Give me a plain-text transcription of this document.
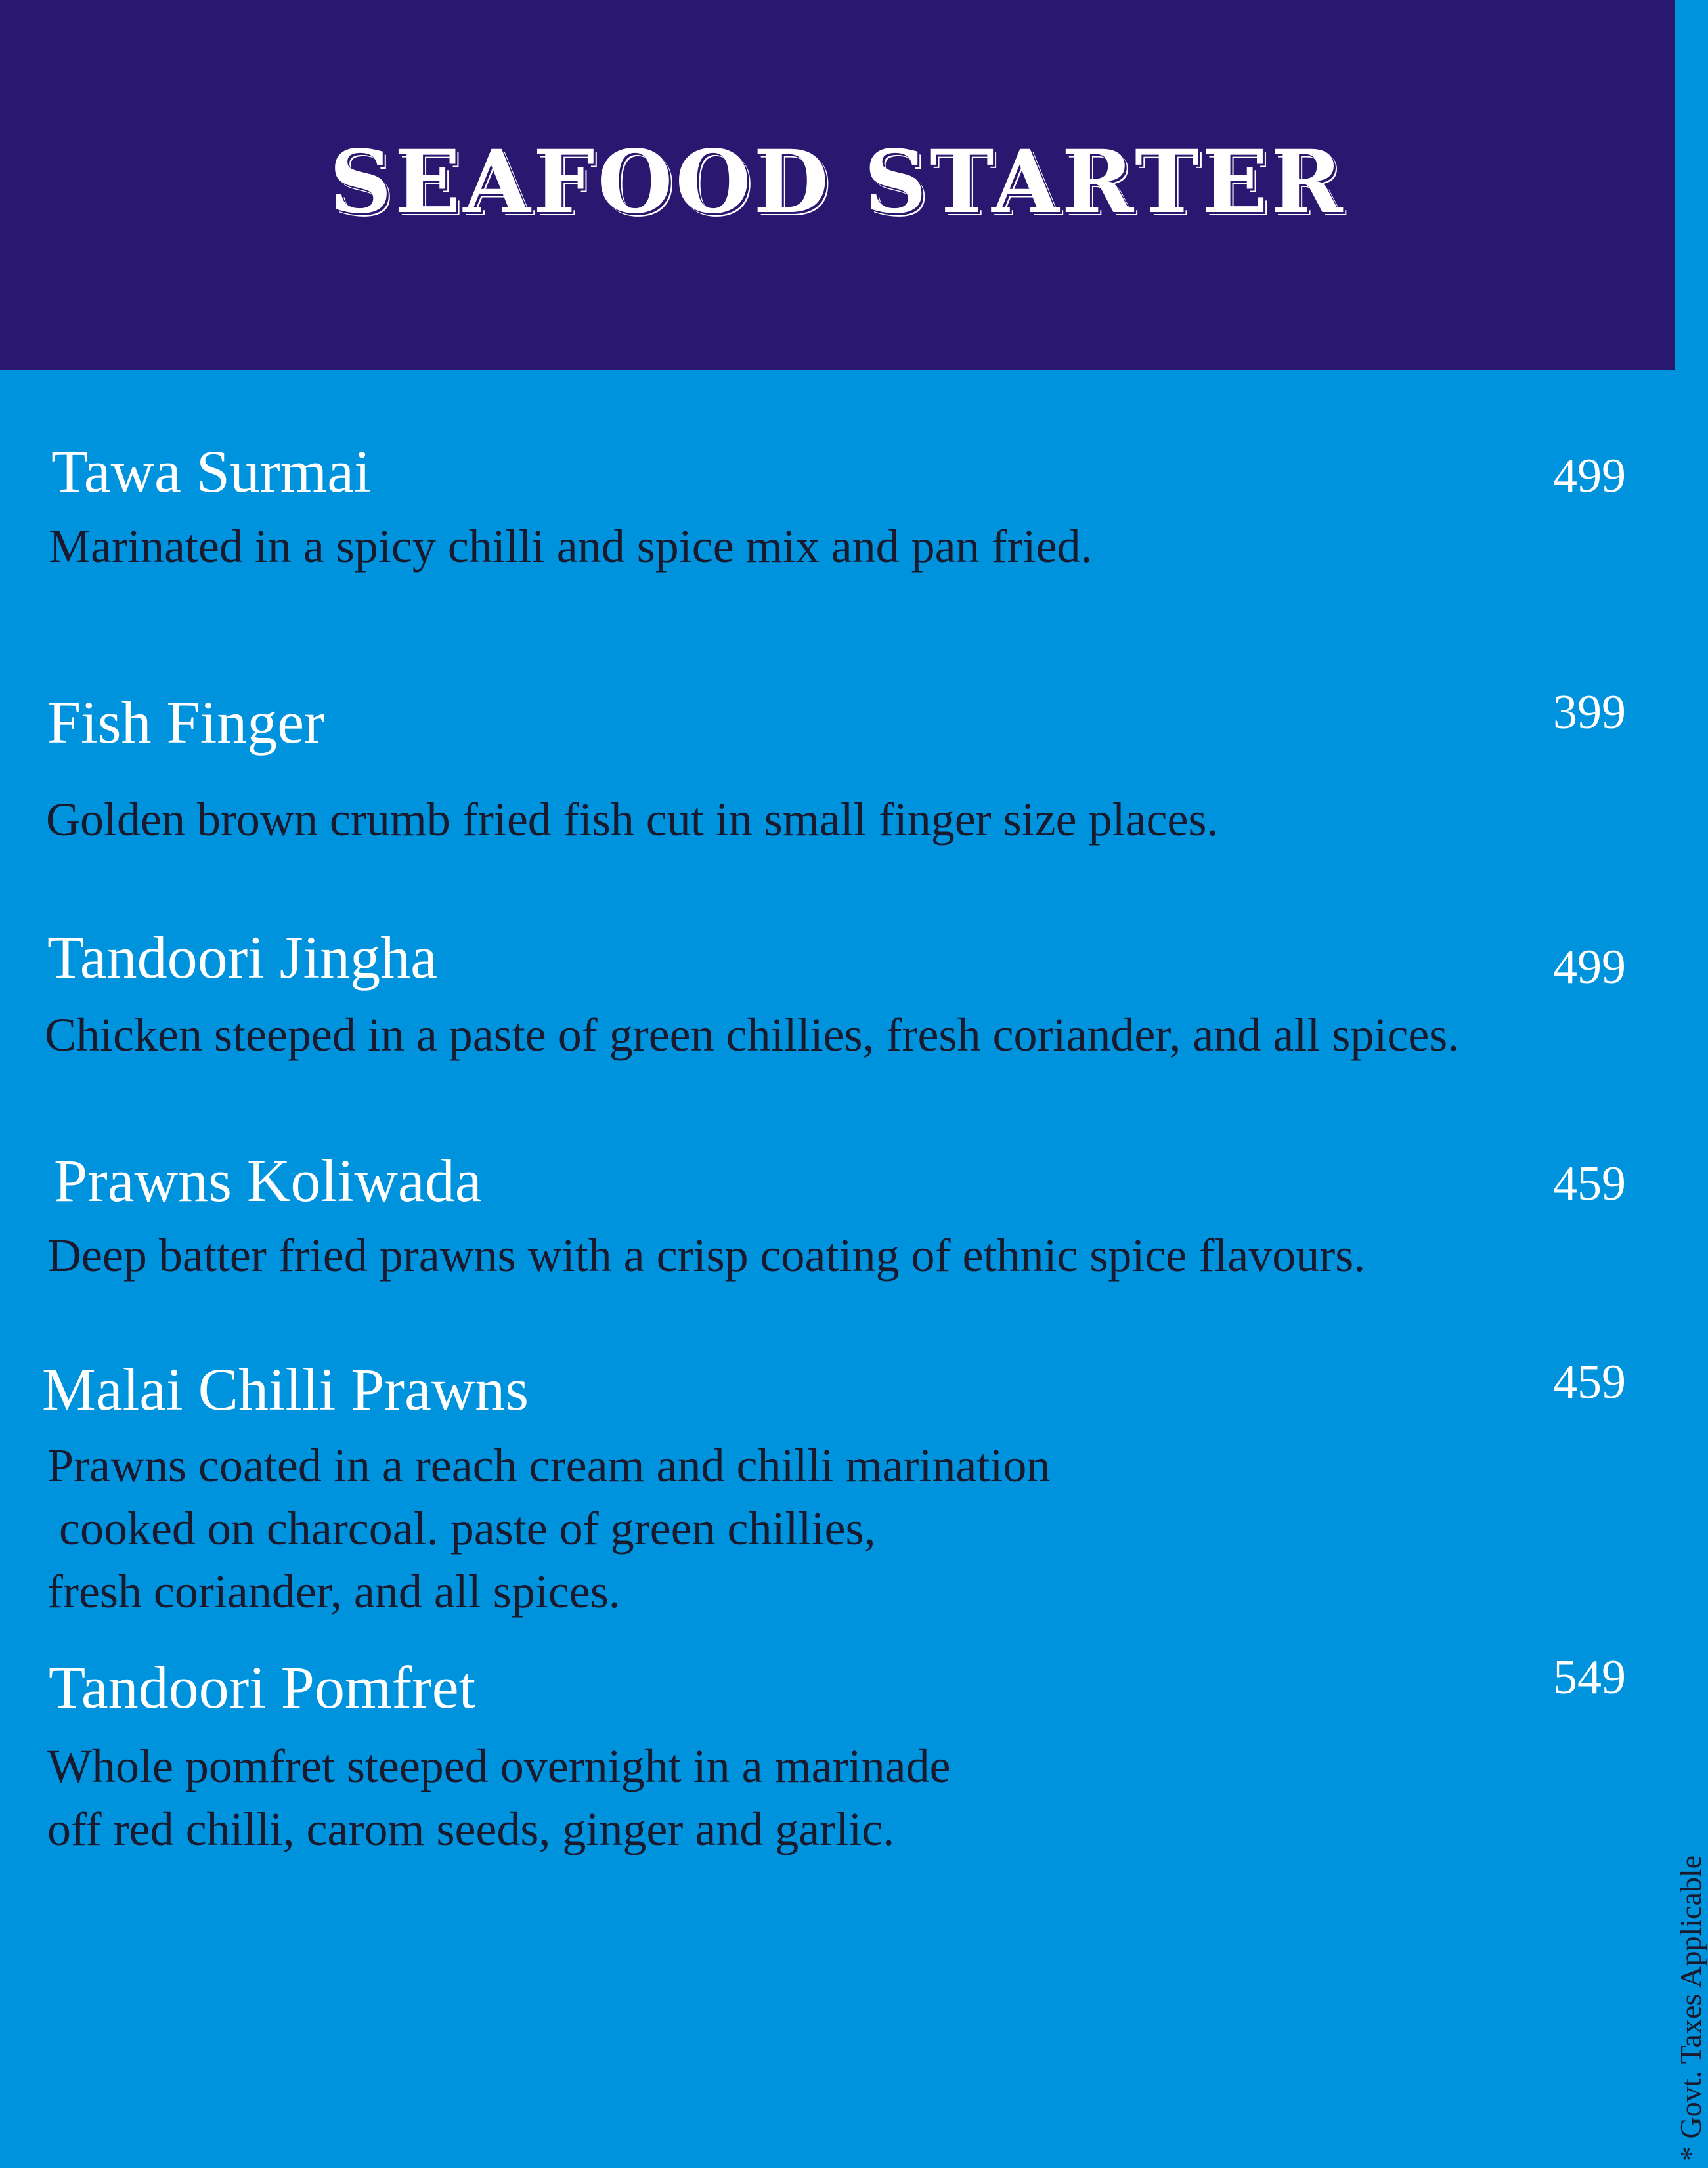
SEAFOOD STARTER
Tawa Surmai	499
Marinated in a spicy chilli and spice mix and pan fried.
Fish Finger	399
Golden brown crumb fried fish cut in small finger size places.
Tandoori Jingha	499
Chicken steeped in a paste of green chillies, fresh coriander, and all spices.
Prawns Koliwada	459
Deep batter fried prawns with a crisp coating of ethnic spice flavours.
Malai Chilli Prawns	459
Prawns coated in a reach cream and chilli marination
cooked on charcoal. paste of green chillies,
fresh coriander, and all spices.
Tandoori Pomfret	549
Whole pomfret steeped overnight in a marinade
off red chilli, carom seeds, ginger and garlic.
* Govt. Taxes Applicable
